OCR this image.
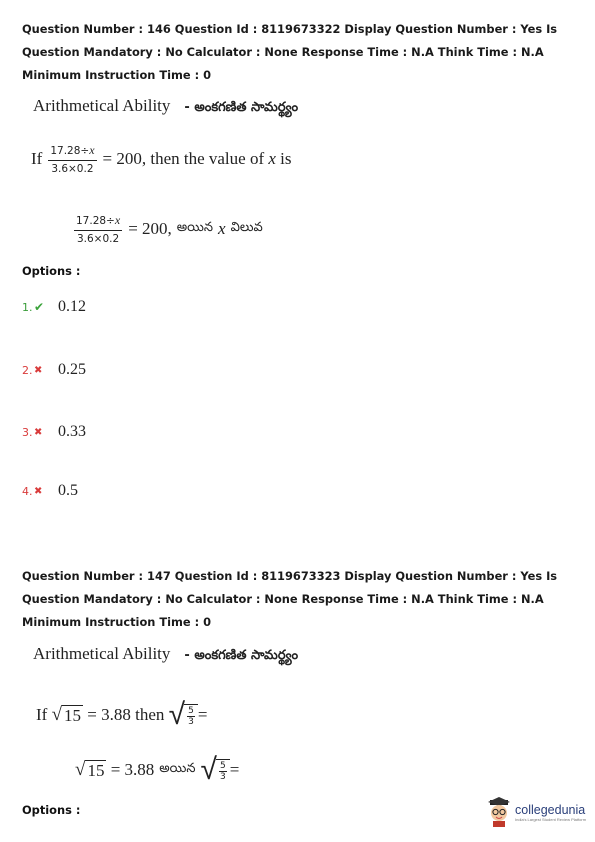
Question Number : 146 Question Id : 8119673322 Display Question Number : Yes Is Question Mandatory : No Calculator : None Response Time : N.A Think Time : N.A Minimum Instruction Time : 0
Arithmetical Ability - అంకగణిత సామర్థ్యం
If $\frac{17.28\div x}{3.6\times 0.2} = 200$, then the value of
x
is
$\frac{17.28\div x}{3.6\times 0.2} = 200$, అయిన x విలువ
Options :
1. ✔ 0.12
2. ✖ 0.25
3. ✖ 0.33
4. ✖ 0.5
Question Number : 147 Question Id : 8119673323 Display Question Number : Yes Is Question Mandatory : No Calculator : None Response Time : N.A Think Time : N.A Minimum Instruction Time : 0
Arithmetical Ability - అంకగణిత సామర్థ్యం
If
√ 15
= 3.88 then
√ $\frac{5}{3}$ =
√ 15
= 3.88 అయిన √ $\frac{5}{3}$ =
Options :	collegedunia
India's Largest Student Review Platform
